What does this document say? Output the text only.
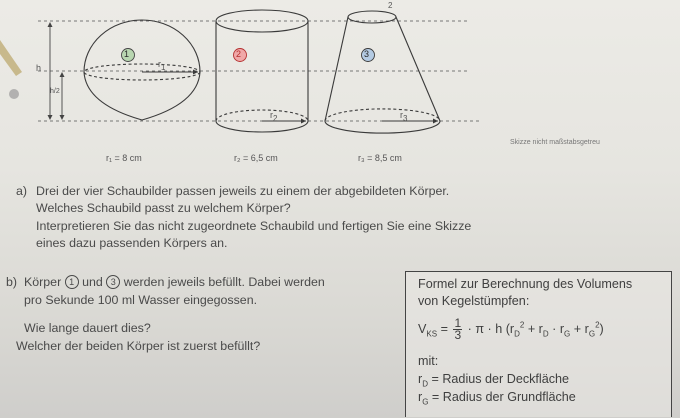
h
h/2
$r_1$
$r_2$	$r_3$
2
1	2	3
Skizze nicht maßstabsgetreu
r₁ = 8 cm	r₂ = 6,5 cm	r₃ = 8,5 cm
a) Drei der vier Schaubilder passen jeweils zu einem der abgebildeten Körper.
Welches Schaubild passt zu welchem Körper?
Interpretieren Sie das nicht zugeordnete Schaubild und fertigen Sie eine Skizze
eines dazu passenden Körpers an.
b) Körper 1 und 3 werden jeweils befüllt. Dabei werden
pro Sekunde 100 ml Wasser eingegossen.
Wie lange dauert dies?
Welcher der beiden Körper ist zuerst befüllt?
Formel zur Berechnung des Volumens
von Kegelstümpfen:
$V_{KS} = \frac{1}{3} \cdot \pi \cdot h$ $(r_D^2 + r_D \cdot r_G + r_G^2)$
mit:
$r_D$ = Radius der Deckfläche
$r_G$ = Radius der Grundfläche
